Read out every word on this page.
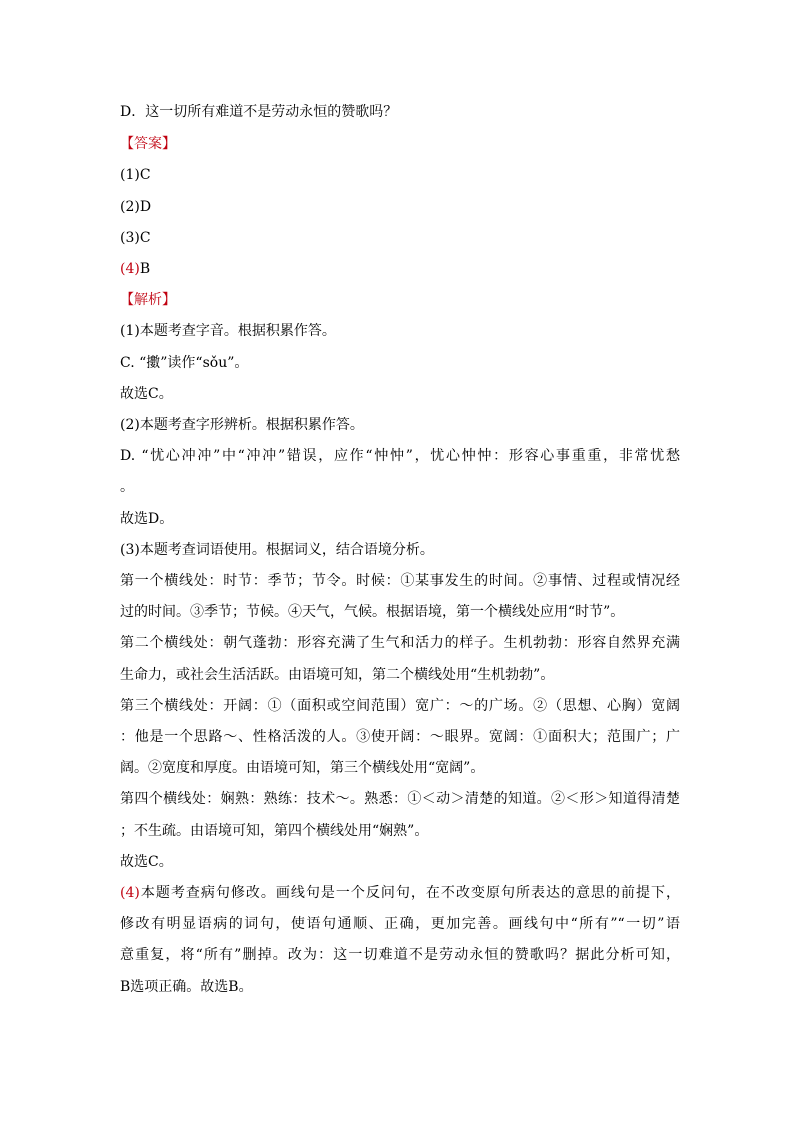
D．这一切所有难道不是劳动永恒的赞歌吗？
【答案】
(1)C
(2)D
(3)C
(4)B
【解析】
(1)本题考查字音。根据积累作答。
C. “擻”读作“sǒu”。
故选C。
(2)本题考查字形辨析。根据积累作答。
D. “忧心冲冲”中“冲冲”错误，应作“忡忡”，忧心忡忡：形容心事重重，非常忧愁
。
故选D。
(3)本题考查词语使用。根据词义，结合语境分析。
第一个横线处：时节：季节；节令。时候：①某事发生的时间。②事情、过程或情况经
过的时间。③季节；节候。④天气，气候。根据语境，第一个横线处应用“时节”。
第二个横线处：朝气蓬勃：形容充满了生气和活力的样子。生机勃勃：形容自然界充满
生命力，或社会生活活跃。由语境可知，第二个横线处用“生机勃勃”。
第三个横线处：开阔：①（面积或空间范围）宽广：～的广场。②（思想、心胸）宽阔
：他是一个思路～、性格活泼的人。③使开阔：～眼界。宽阔：①面积大；范围广；广
阔。②宽度和厚度。由语境可知，第三个横线处用“宽阔”。
第四个横线处：娴熟：熟练：技术～。熟悉：①＜动＞清楚的知道。②＜形＞知道得清楚
；不生疏。由语境可知，第四个横线处用“娴熟”。
故选C。
(4)本题考查病句修改。画线句是一个反问句，在不改变原句所表达的意思的前提下，
修改有明显语病的词句，使语句通顺、正确，更加完善。画线句中“所有”“一切”语
意重复，将“所有”删掉。改为：这一切难道不是劳动永恒的赞歌吗？据此分析可知，
B选项正确。故选B。
